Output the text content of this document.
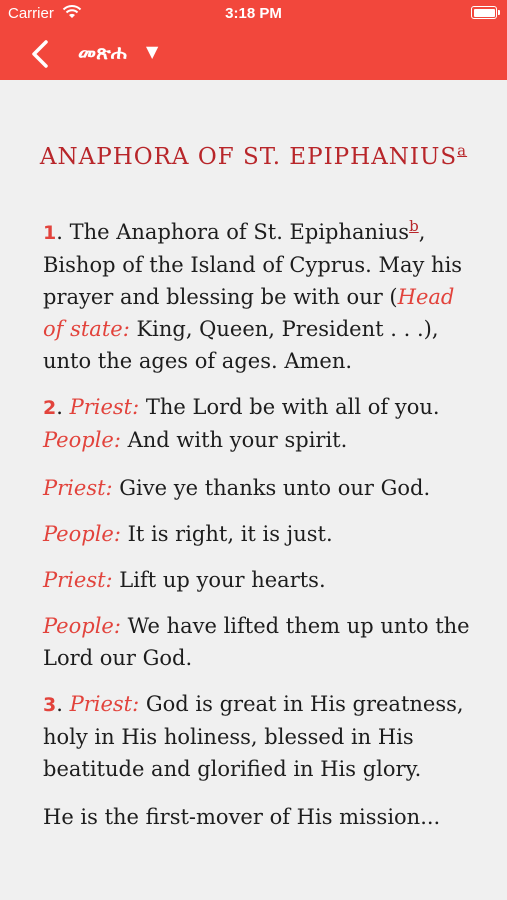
Carrier	3:18 PM
መጽሐ ▼
ANAPHORA OF ST. EPIPHANIUS$^a$

1. The Anaphora of St. Epiphanius$^b$, Bishop of the Island of Cyprus. May his prayer and blessing be with our (Head of state: King, Queen, President . . .), unto the ages of ages. Amen.

2. Priest: The Lord be with all of you. People: And with your spirit.

Priest: Give ye thanks unto our God.

People: It is right, it is just.

Priest: Lift up your hearts.

People: We have lifted them up unto the Lord our God.

3. Priest: God is great in His greatness, holy in His holiness, blessed in His beatitude and glorified in His glory.

He is the first-mover of His mission...
